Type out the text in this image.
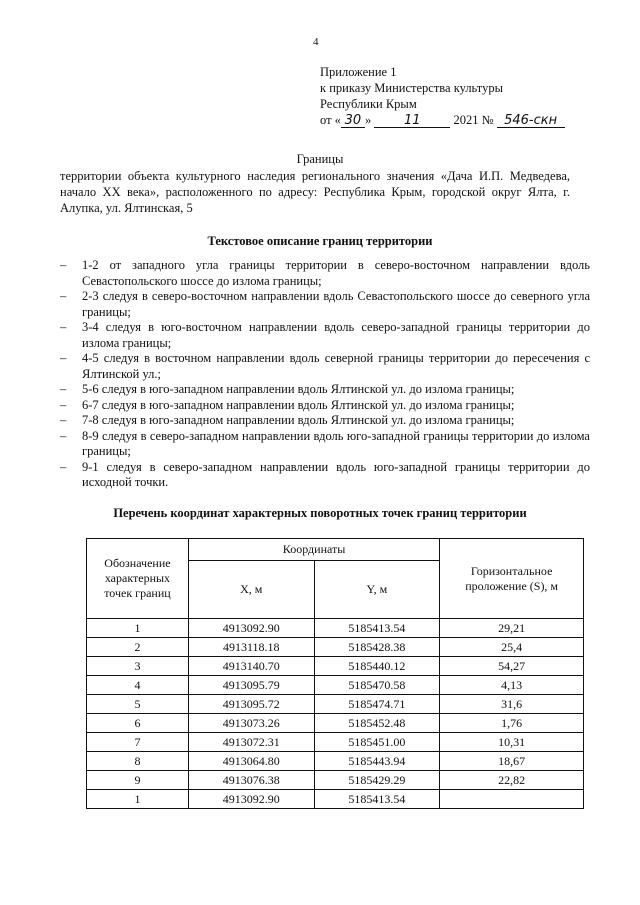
4
Приложение 1
к приказу Министерства культуры
Республики Крым
от « 30 »	11	2021 № 546-скн
Границы
территории объекта культурного наследия регионального значения «Дача И.П. Медведева, начало XX века», расположенного по адресу: Республика Крым, городской округ Ялта, г. Алупка, ул. Ялтинская, 5
Текстовое описание границ территории
– 1-2 от западного угла границы территории в северо-восточном направлении вдоль Севастопольского шоссе до излома границы;
– 2-3 следуя в северо-восточном направлении вдоль Севастопольского шоссе до северного угла границы;
– 3-4 следуя в юго-восточном направлении вдоль северо-западной границы территории до излома границы;
– 4-5 следуя в восточном направлении вдоль северной границы территории до пересечения с Ялтинской ул.;
– 5-6 следуя в юго-западном направлении вдоль Ялтинской ул. до излома границы;
– 6-7 следуя в юго-западном направлении вдоль Ялтинской ул. до излома границы;
– 7-8 следуя в юго-западном направлении вдоль Ялтинской ул. до излома границы;
– 8-9 следуя в северо-западном направлении вдоль юго-западной границы территории до излома границы;
– 9-1 следуя в северо-западном направлении вдоль юго-западной границы территории до исходной точки.
Перечень координат характерных поворотных точек границ территории
Обозначение характерных точек границ	Координаты		Горизонтальное проложение (S), м
	X, м	Y, м	
1	4913092.90	5185413.54	29,21
2	4913118.18	5185428.38	25,4
3	4913140.70	5185440.12	54,27
4	4913095.79	5185470.58	4,13
5	4913095.72	5185474.71	31,6
6	4913073.26	5185452.48	1,76
7	4913072.31	5185451.00	10,31
8	4913064.80	5185443.94	18,67
9	4913076.38	5185429.29	22,82
1	4913092.90	5185413.54	
